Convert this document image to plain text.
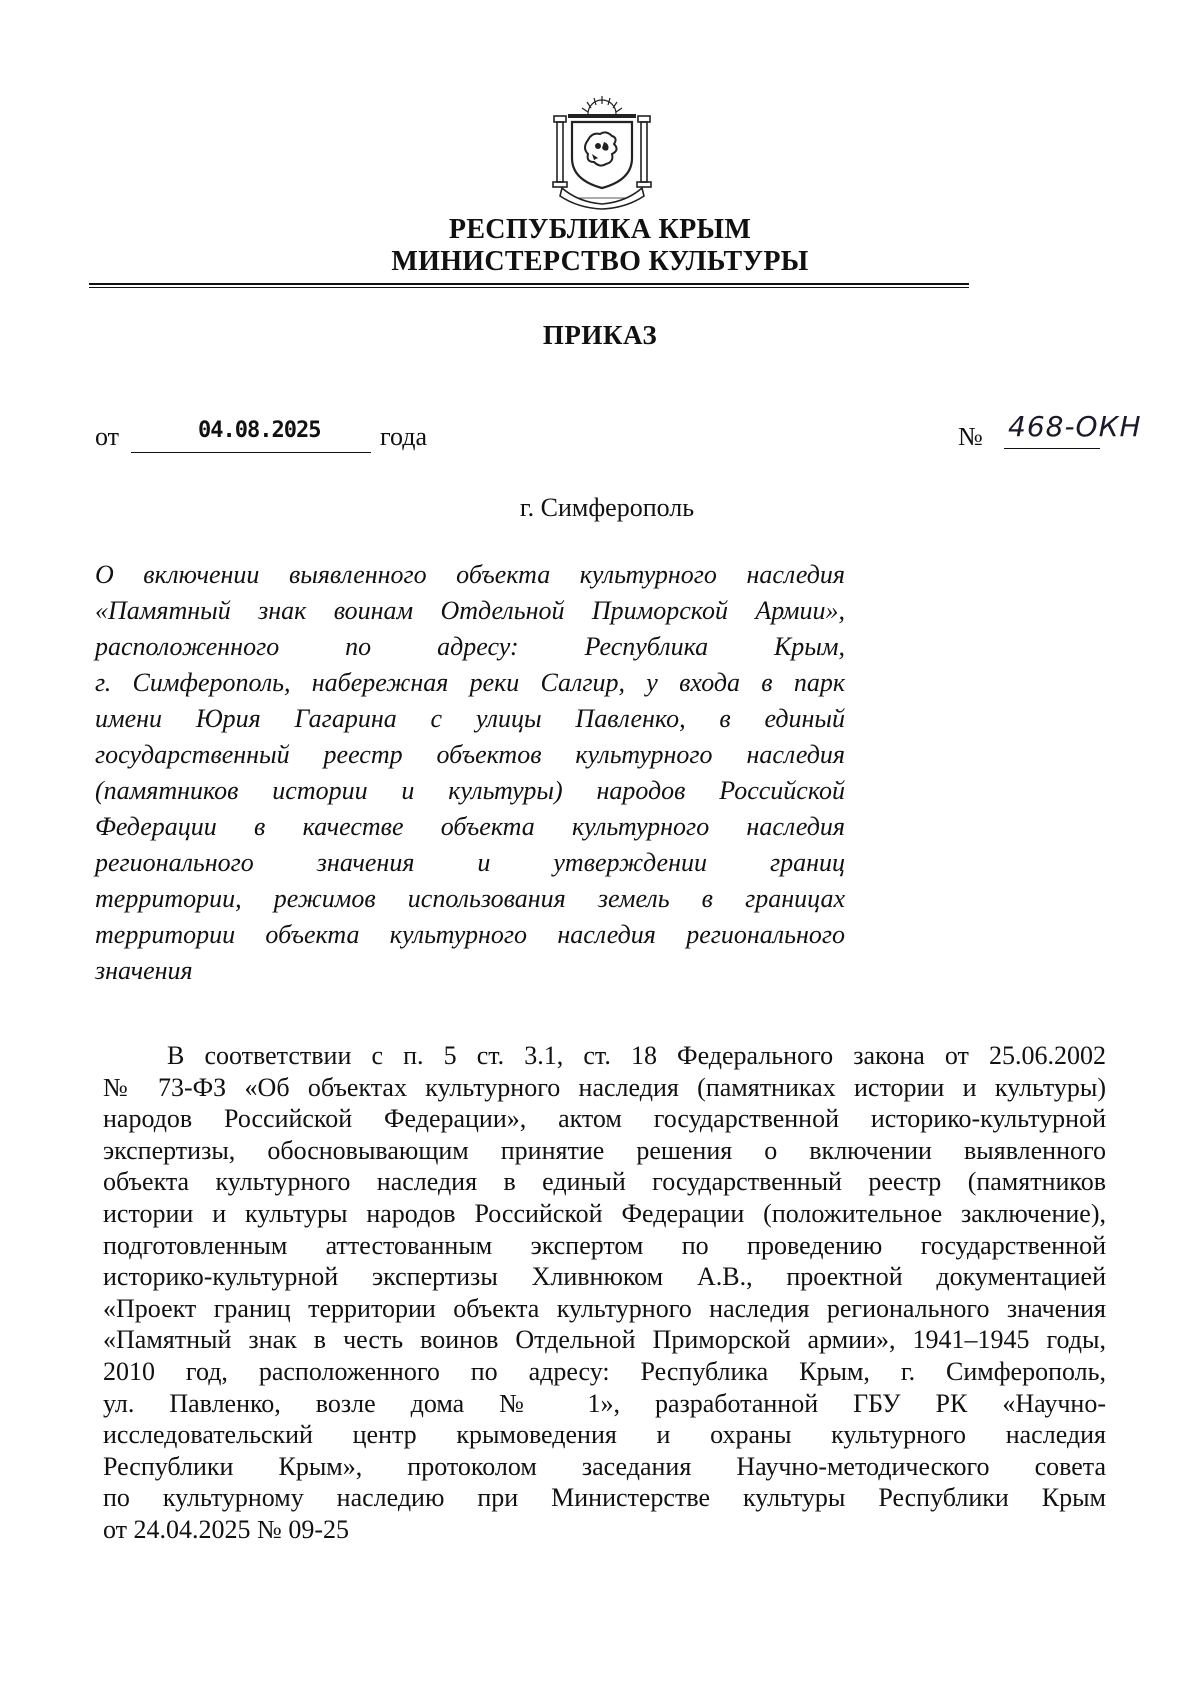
РЕСПУБЛИКА КРЫМ
МИНИСТЕРСТВО КУЛЬТУРЫ
ПРИКАЗ
от	04.08.2025 года	№ 468-ОКН
г. Симферополь
О включении выявленного объекта культурного наследия
«Памятный знак воинам Отдельной Приморской Армии»,
расположенного по адресу: Республика Крым,
г. Симферополь, набережная реки Салгир, у входа в парк
имени Юрия Гагарина с улицы Павленко, в единый
государственный реестр объектов культурного наследия
(памятников истории и культуры) народов Российской
Федерации в качестве объекта культурного наследия
регионального значения и утверждении границ
территории, режимов использования земель в границах
территории объекта культурного наследия регионального
значения
В соответствии с п. 5 ст. 3.1, ст. 18 Федерального закона от 25.06.2002
№ 73-ФЗ «Об объектах культурного наследия (памятниках истории и культуры)
народов Российской Федерации», актом государственной историко-культурной
экспертизы, обосновывающим принятие решения о включении выявленного
объекта культурного наследия в единый государственный реестр (памятников
истории и культуры народов Российской Федерации (положительное заключение),
подготовленным аттестованным экспертом по проведению государственной
историко-культурной экспертизы Хливнюком А.В., проектной документацией
«Проект границ территории объекта культурного наследия регионального значения
«Памятный знак в честь воинов Отдельной Приморской армии», 1941–1945 годы,
2010 год, расположенного по адресу: Республика Крым, г. Симферополь,
ул. Павленко, возле дома № 1», разработанной ГБУ РК «Научно-
исследовательский центр крымоведения и охраны культурного наследия
Республики Крым», протоколом заседания Научно-методического совета
по культурному наследию при Министерстве культуры Республики Крым
от 24.04.2025 № 09-25
